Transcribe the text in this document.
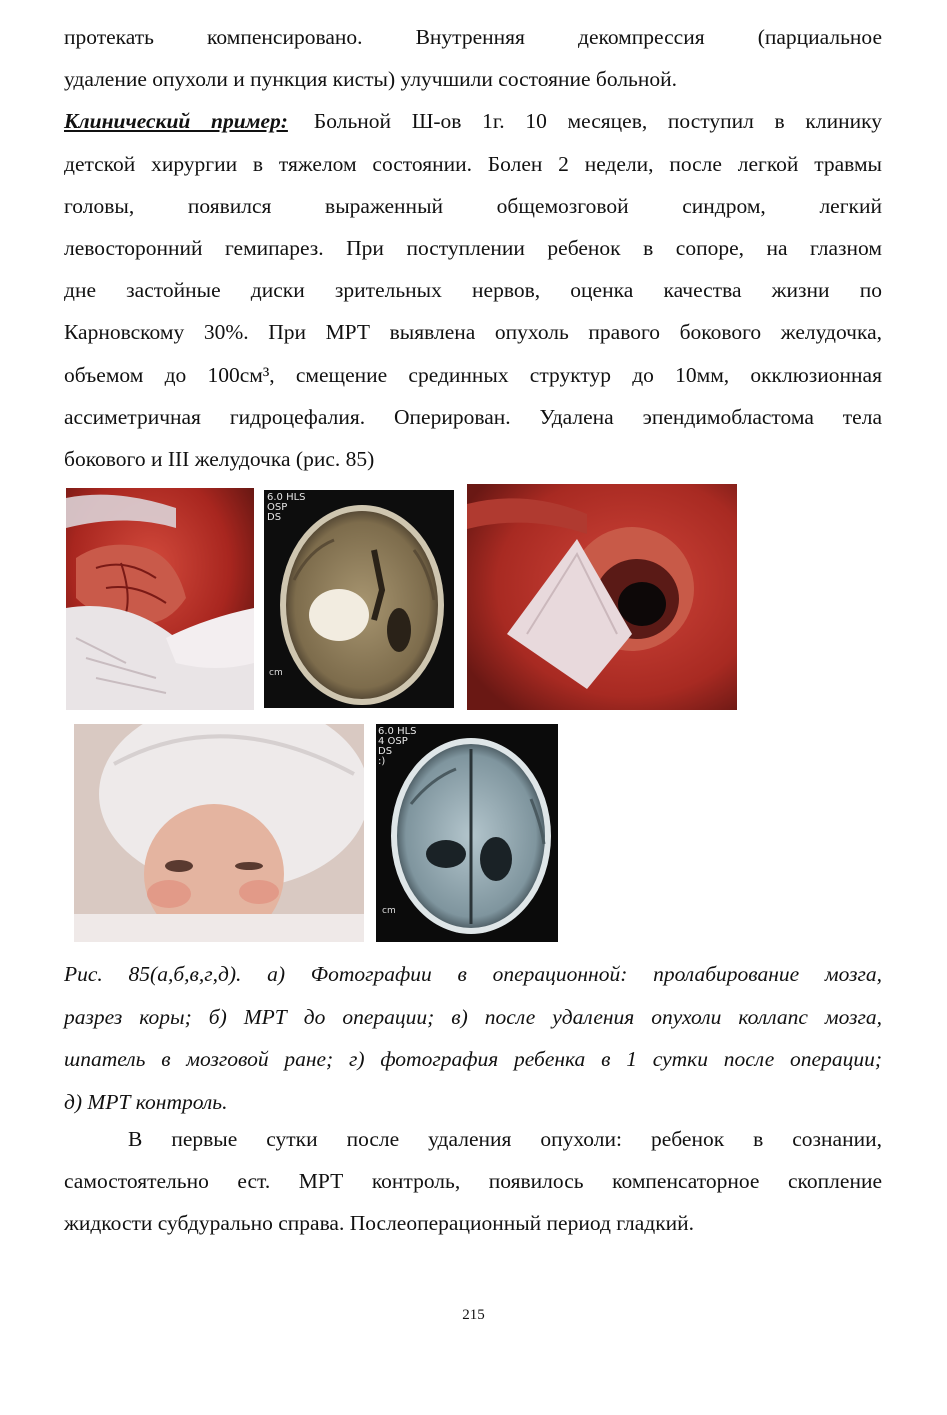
протекать компенсировано. Внутренняя декомпрессия (парциальное

удаление опухоли и пункция кисты) улучшили состояние больной.

Клинический пример: Больной Ш-ов 1г. 10 месяцев, поступил в клинику

детской хирургии в тяжелом состоянии. Болен 2 недели, после легкой травмы

головы, появился выраженный общемозговой синдром, легкий

левосторонний гемипарез. При поступлении ребенок в сопоре, на глазном

дне застойные диски зрительных нервов, оценка качества жизни по

Карновскому 30%. При МРТ выявлена опухоль правого бокового желудочка,

объемом до 100см³, смещение срединных структур до 10мм, окклюзионная

ассиметричная гидроцефалия. Оперирован. Удалена эпендимобластома тела

бокового и III желудочка (рис. 85)

6.0 HLS
OSP
DS
cm
6.0 HLS
4 OSP
DS
:)
cm

Рис. 85(а,б,в,г,д). а) Фотографии в операционной: пролабирование мозга,

разрез коры; б) МРТ до операции; в) после удаления опухоли коллапс мозга,

шпатель в мозговой ране; г) фотография ребенка в 1 сутки после операции;

д) МРТ контроль.

В первые сутки после удаления опухоли: ребенок в сознании,

самостоятельно ест. МРТ контроль, появилось компенсаторное скопление

жидкости субдурально справа. Послеоперационный период гладкий.

215
